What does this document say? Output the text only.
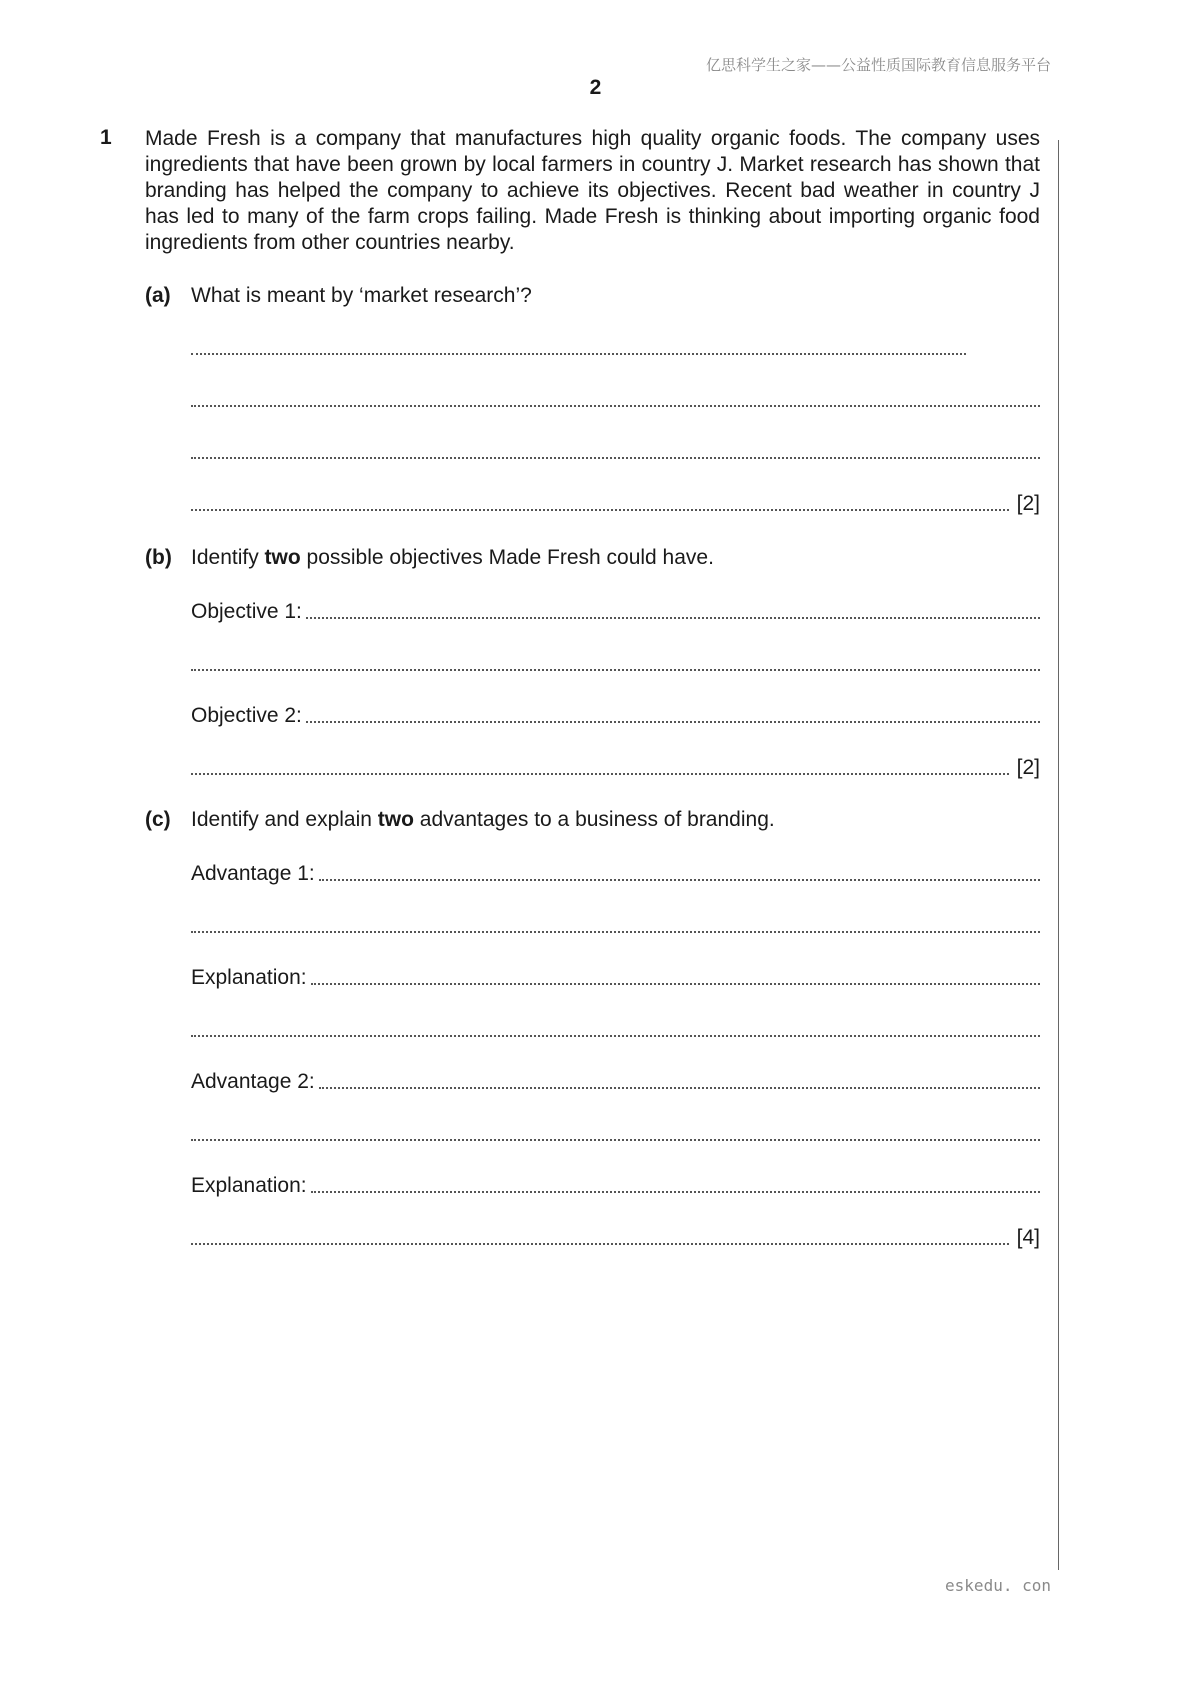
亿思科学生之家——公益性质国际教育信息服务平台
2
1 Made Fresh is a company that manufactures high quality organic foods. The company uses ingredients that have been grown by local farmers in country J. Market research has shown that branding has helped the company to achieve its objectives. Recent bad weather in country J has led to many of the farm crops failing. Made Fresh is thinking about importing organic food ingredients from other countries nearby.
(a) What is meant by ‘market research’?
[2]
(b) Identify two possible objectives Made Fresh could have.
Objective 1:
Objective 2:
[2]
(c) Identify and explain two advantages to a business of branding.
Advantage 1:
Explanation:
Advantage 2:
Explanation:
[4]
eskedu. con
